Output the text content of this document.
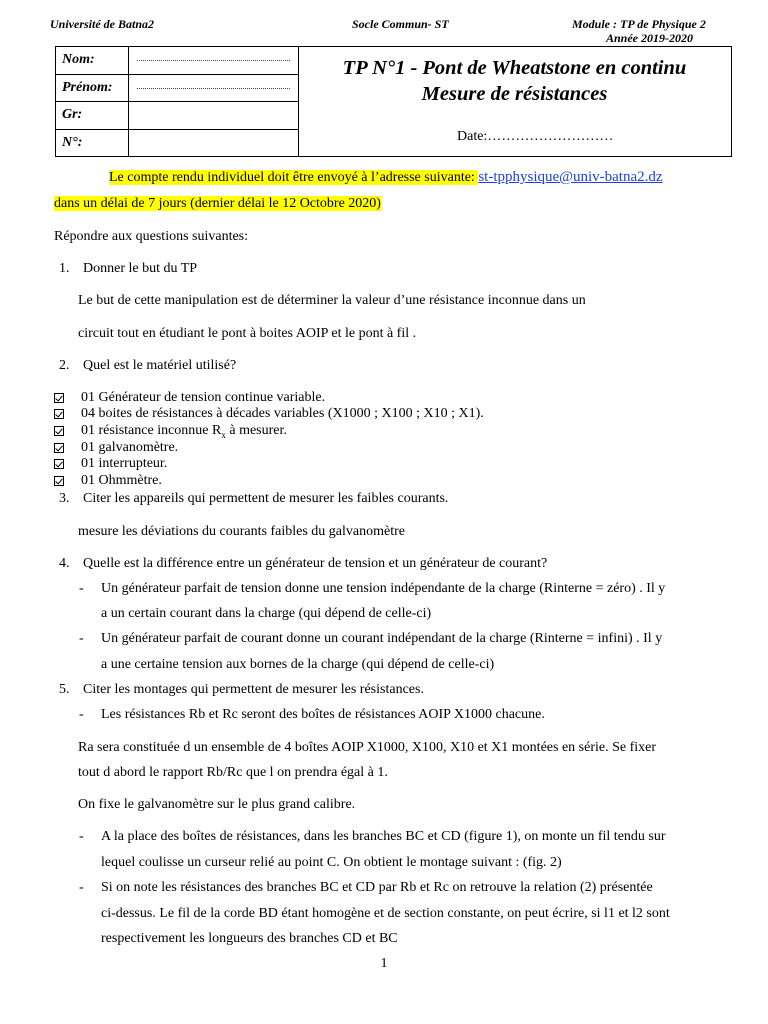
Université de Batna2	Socle Commun- ST	Module : TP de Physique 2
Année 2019-2020
Nom:	

Prénom:	

Gr:	
N°:	
TP N°1 - Pont de Wheatstone en continu
Mesure de résistances
Date:………………………
Le compte rendu individuel doit être envoyé à l’adresse suivante: st-tpphysique@univ-batna2.dz
dans un délai de 7 jours (dernier délai le 12 Octobre 2020)
Répondre aux questions suivantes:
1. Donner le but du TP
Le but de cette manipulation est de déterminer la valeur d’une résistance inconnue dans un
circuit tout en étudiant le pont à boites AOIP et le pont à fil .
2. Quel est le matériel utilisé?
01 Générateur de tension continue variable.
04 boites de résistances à décades variables (X1000 ; X100 ; X10 ; X1).
01 résistance inconnue $R_x$ à mesurer.
01 galvanomètre.
01 interrupteur.
01 Ohmmètre.
3. Citer les appareils qui permettent de mesurer les faibles courants.
mesure les déviations du courants faibles du galvanomètre
4. Quelle est la différence entre un générateur de tension et un générateur de courant?
- Un générateur parfait de tension donne une tension indépendante de la charge (Rinterne = zéro) . Il y
a un certain courant dans la charge (qui dépend de celle-ci)
- Un générateur parfait de courant donne un courant indépendant de la charge (Rinterne = infini) . Il y
a une certaine tension aux bornes de la charge (qui dépend de celle-ci)
5. Citer les montages qui permettent de mesurer les résistances.
- Les résistances Rb et Rc seront des boîtes de résistances AOIP X1000 chacune.
Ra sera constituée d un ensemble de 4 boîtes AOIP X1000, X100, X10 et X1 montées en série. Se fixer
tout d abord le rapport Rb/Rc que l on prendra égal à 1.
On fixe le galvanomètre sur le plus grand calibre.
- A la place des boîtes de résistances, dans les branches BC et CD (figure 1), on monte un fil tendu sur
lequel coulisse un curseur relié au point C. On obtient le montage suivant : (fig. 2)
- Si on note les résistances des branches BC et CD par Rb et Rc on retrouve la relation (2) présentée
ci-dessus. Le fil de la corde BD étant homogène et de section constante, on peut écrire, si l1 et l2 sont
respectivement les longueurs des branches CD et BC
1
